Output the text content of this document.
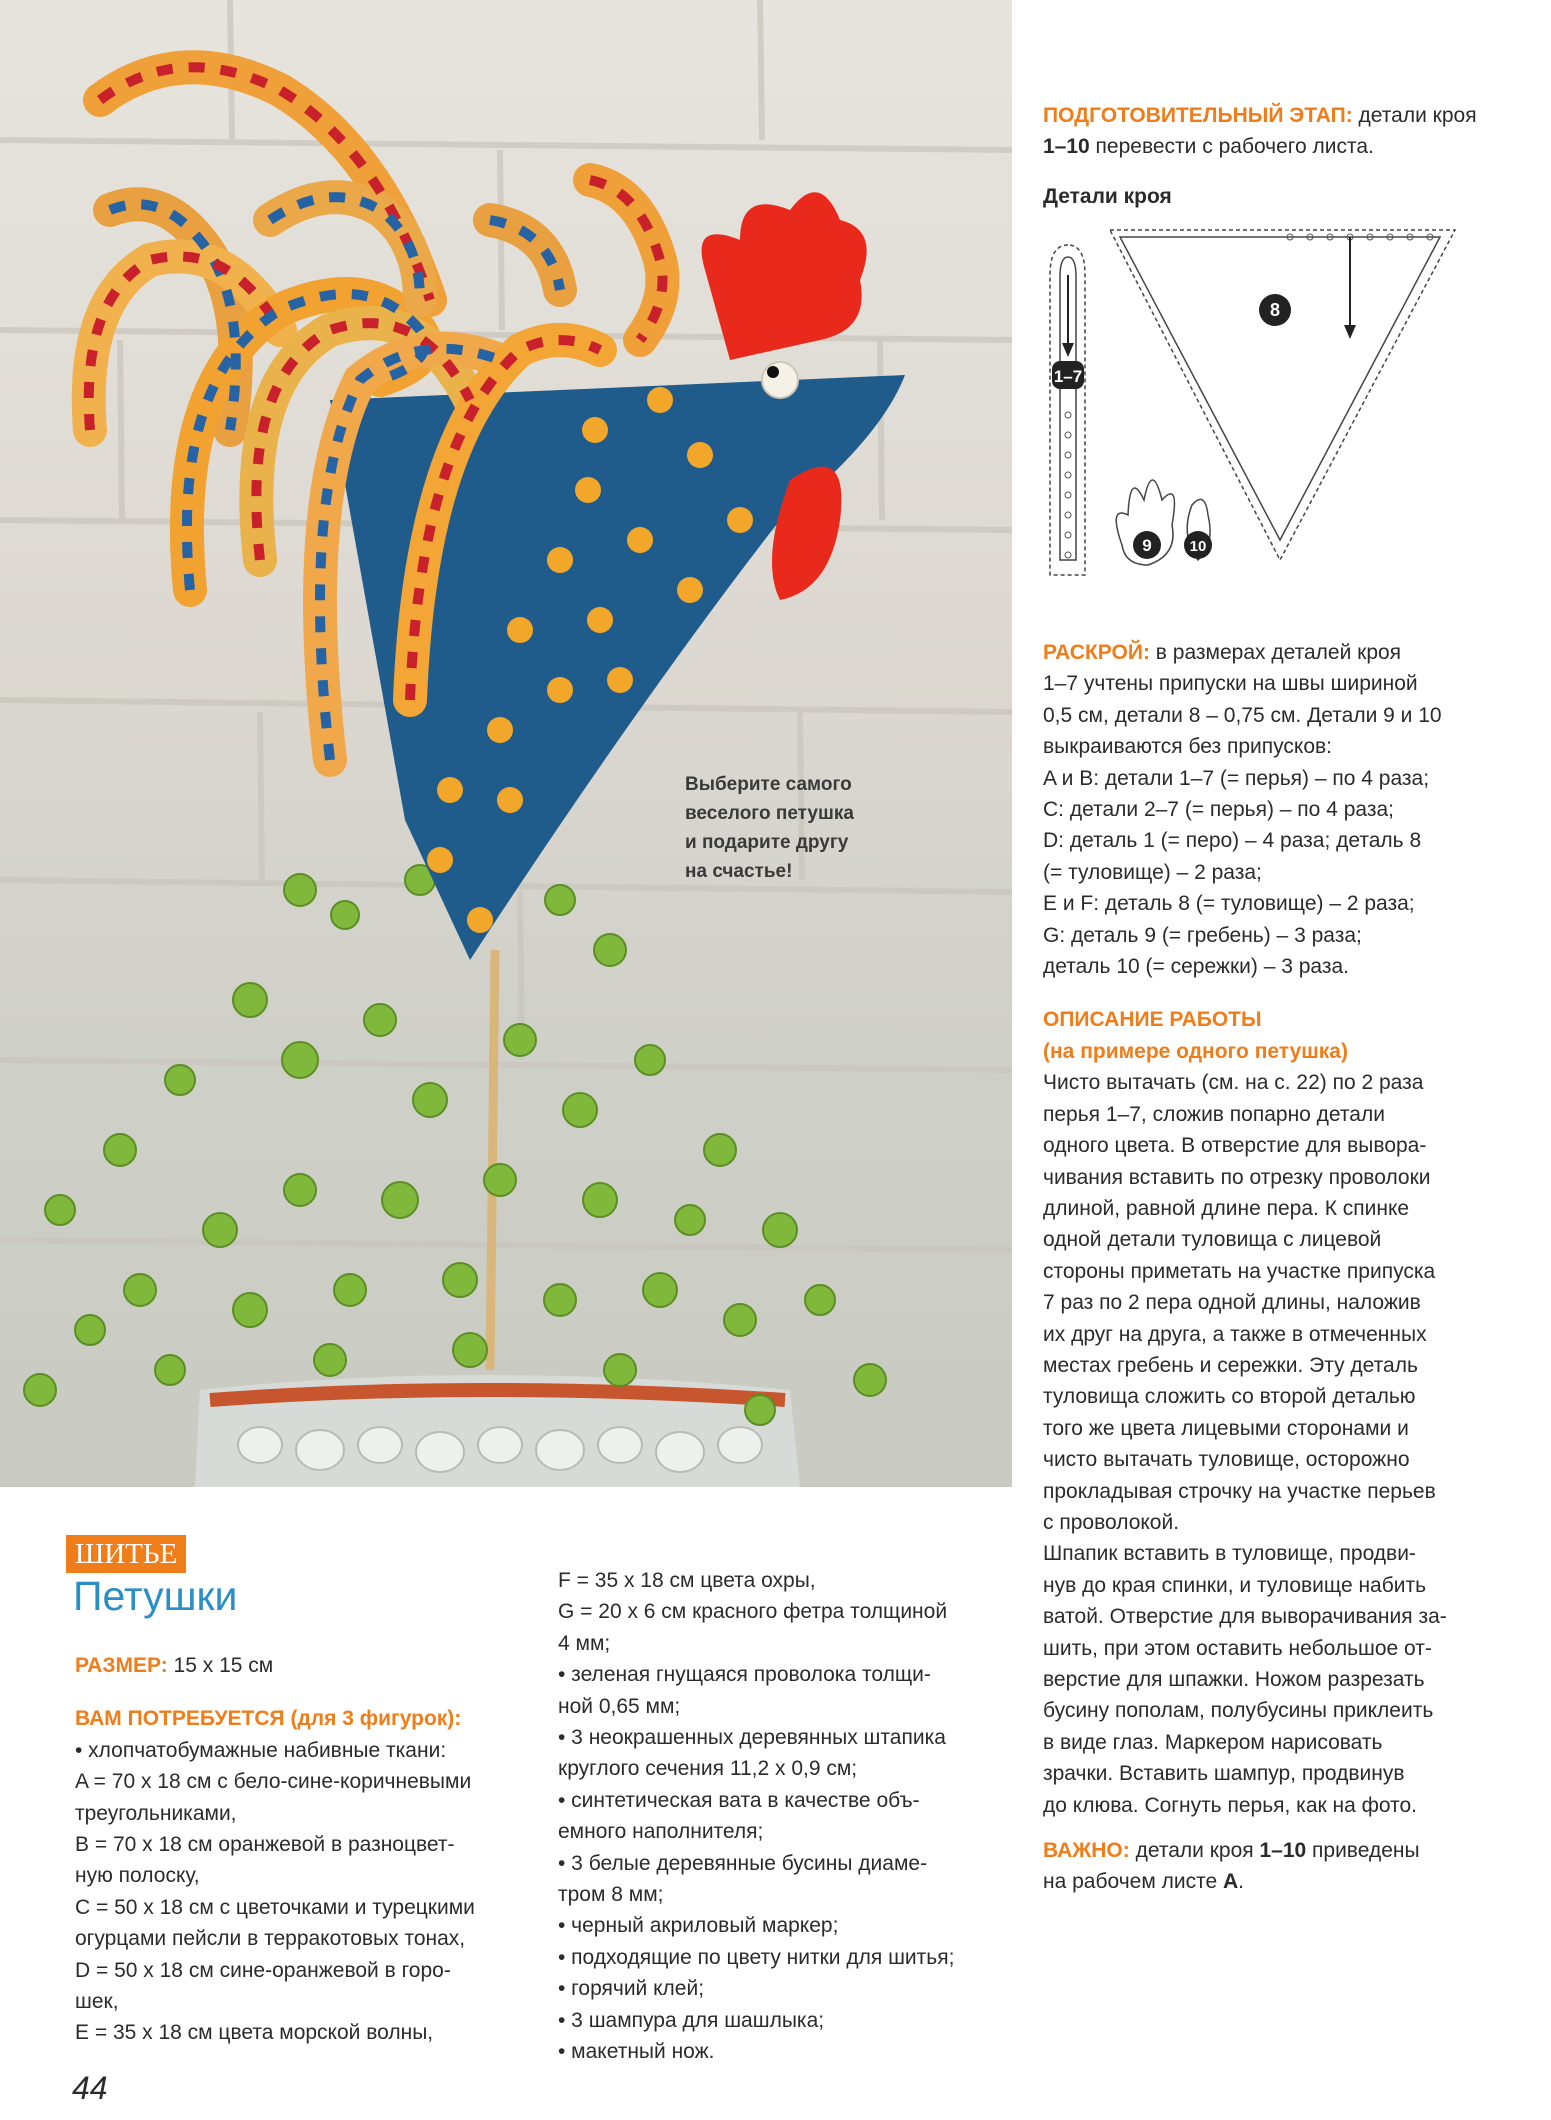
Выберите самого
веселого петушка
и подарите другу
на счастье!

ПОДГОТОВИТЕЛЬНЫЙ ЭТАП: детали кроя
1–10 перевести с рабочего листа.

Детали кроя
1–7
8
9	10
РАСКРОЙ: в размерах деталей кроя
1–7 учтены припуски на швы шириной
0,5 см, детали 8 – 0,75 см. Детали 9 и 10
выкраиваются без припусков:
A и B: детали 1–7 (= перья) – по 4 раза;
C: детали 2–7 (= перья) – по 4 раза;
D: деталь 1 (= перо) – 4 раза; деталь 8
(= туловище) – 2 раза;
E и F: деталь 8 (= туловище) – 2 раза;
G: деталь 9 (= гребень) – 3 раза;
деталь 10 (= сережки) – 3 раза.
ОПИСАНИЕ РАБОТЫ
(на примере одного петушка)
Чисто вытачать (см. на с. 22) по 2 раза
перья 1–7, сложив попарно детали
одного цвета. В отверстие для вывора-
чивания вставить по отрезку проволоки
длиной, равной длине пера. К спинке
одной детали туловища с лицевой
стороны приметать на участке припуска
7 раз по 2 пера одной длины, наложив
их друг на друга, а также в отмеченных
местах гребень и сережки. Эту деталь
туловища сложить со второй деталью
того же цвета лицевыми сторонами и
чисто вытачать туловище, осторожно
прокладывая строчку на участке перьев
с проволокой.
Шпапик вставить в туловище, продви-
нув до края спинки, и туловище набить
ватой. Отверстие для выворачивания за-
шить, при этом оставить небольшое от-
верстие для шпажки. Ножом разрезать
бусину пополам, полубусины приклеить
в виде глаз. Маркером нарисовать
зрачки. Вставить шампур, продвинув
до клюва. Согнуть перья, как на фото.
ВАЖНО: детали кроя 1–10 приведены
на рабочем листе A.
ШИТЬЕ
Петушки
РАЗМЕР: 15 x 15 см
ВАМ ПОТРЕБУЕТСЯ (для 3 фигурок):
• хлопчатобумажные набивные ткани:
A = 70 x 18 см с бело-сине-коричневыми
треугольниками,
B = 70 x 18 см оранжевой в разноцвет-
ную полоску,
C = 50 x 18 см с цветочками и турецкими
огурцами пейсли в терракотовых тонах,
D = 50 x 18 см сине-оранжевой в горо-
шек,
E = 35 x 18 см цвета морской волны,
F = 35 x 18 см цвета охры,
G = 20 x 6 см красного фетра толщиной
4 мм;
• зеленая гнущаяся проволока толщи-
ной 0,65 мм;
• 3 неокрашенных деревянных штапика
круглого сечения 11,2 x 0,9 см;
• синтетическая вата в качестве объ-
емного наполнителя;
• 3 белые деревянные бусины диаме-
тром 8 мм;
• черный акриловый маркер;
• подходящие по цвету нитки для шитья;
• горячий клей;
• 3 шампура для шашлыка;
• макетный нож.
44
